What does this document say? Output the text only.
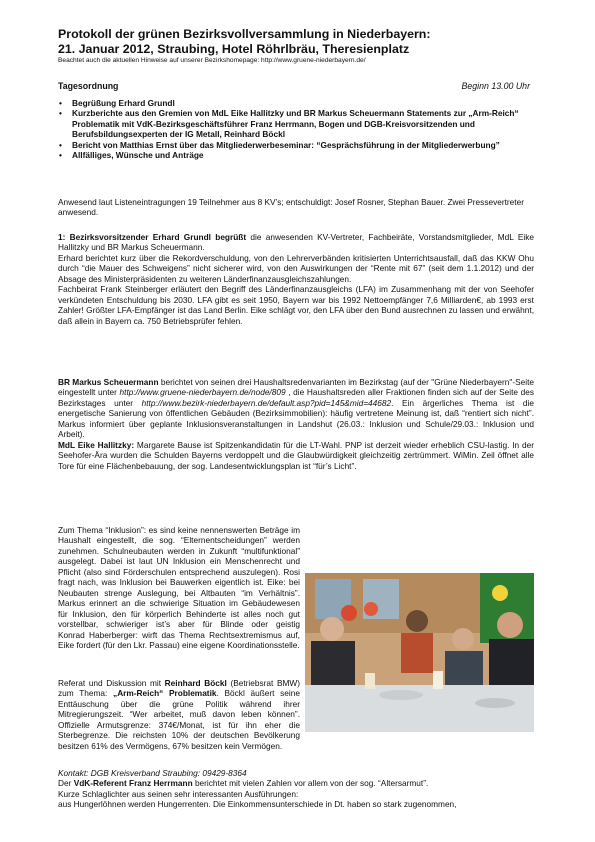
Protokoll der grünen Bezirksvollversammlung in Niederbayern:
21. Januar 2012, Straubing, Hotel Röhrlbräu, Theresienplatz
Beachtet auch die aktuellen Hinweise auf unserer Bezirkshomepage: http://www.gruene-niederbayern.de/
Tagesordnung	Beginn 13.00 Uhr
• Begrüßung Erhard Grundl
• Kurzberichte aus den Gremien von MdL Eike Hallitzky und BR Markus Scheuermann Statements zur „Arm-Reich“ Problematik mit VdK-Bezirksgeschäftsführer Franz Herrmann, Bogen und DGB-Kreisvorsitzenden und Berufsbildungsexperten der IG Metall, Reinhard Böckl
• Bericht von Matthias Ernst über das Mitgliederwerbeseminar: “Gesprächsführung in der Mitgliederwerbung”
• Allfälliges, Wünsche und Anträge

Anwesend laut Listeneintragungen 19 Teilnehmer aus 8 KV’s; entschuldigt: Josef Rosner, Stephan Bauer. Zwei Pressevertreter anwesend.

1: Bezirksvorsitzender Erhard Grundl begrüßt die anwesenden KV-Vertreter, Fachbeiräte, Vorstandsmitglieder, MdL Eike Hallitzky und BR Markus Scheuermann.
Erhard berichtet kurz über die Rekordverschuldung, von den Lehrerverbänden kritisierten Unterrichtsausfall, daß das KKW Ohu durch “die Mauer des Schweigens” nicht sicherer wird, von den Auswirkungen der “Rente mit 67” (seit dem 1.1.2012) und der Absage des Ministerpräsidenten zu weiteren Länderfinanzausgleichszahlungen.
Fachbeirat Frank Steinberger erläutert den Begriff des Länderfinanzausgleichs (LFA) im Zusammenhang mit der von Seehofer verkündeten Entschuldung bis 2030. LFA gibt es seit 1950, Bayern war bis 1992 Nettoempfänger 7,6 Milliarden€, ab 1993 erst Zahler! Größter LFA-Empfänger ist das Land Berlin. Eike schlägt vor, den LFA über den Bund ausrechnen zu lassen und erwähnt, daß allein in Bayern ca. 750 Betriebsprüfer fehlen.
BR Markus Scheuermann berichtet von seinen drei Haushaltsredenvarianten im Bezirkstag (auf der "Grüne Niederbayern"-Seite eingestellt unter http://www.gruene-niederbayern.de/node/809 , die Haushaltsreden aller Fraktionen finden sich auf der Seite des Bezirkstages unter http://www.bezirk-niederbayern.de/default.asp?pid=145&mid=44682. Ein ärgerliches Thema ist die energetische Sanierung von öffentlichen Gebäuden (Bezirksimmobilien): häufig vertretene Meinung ist, daß “rentiert sich nicht”. Markus informiert über geplante Inklusionsveranstaltungen in Landshut (26.03.: Inklusion und Schule/29.03.: Inklusion und Arbeit).
MdL Eike Hallitzky: Margarete Bause ist Spitzenkandidatin für die LT-Wahl. PNP ist derzeit wieder erheblich CSU-lastig. In der Seehofer-Ära wurden die Schulden Bayerns verdoppelt und die Glaubwürdigkeit gleichzeitig zertrümmert. WiMin. Zeil öffnet alle Tore für eine Flächenbebauung, der sog. Landesentwicklungsplan ist “für’s Licht”.
Zum Thema “Inklusion”: es sind keine nennenswerten Beträge im Haushalt eingestellt, die sog. “Elternentscheidungen” werden zunehmen. Schulneubauten werden in Zukunft “multifunktional” ausgelegt. Dabei ist laut UN Inklusion ein Menschenrecht und Pflicht (also sind Förderschulen entsprechend auszulegen). Rosi fragt nach, was Inklusion bei Bauwerken eigentlich ist. Eike: bei Neubauten strenge Auslegung, bei Altbauten “im Verhältnis”. Markus erinnert an die schwierige Situation im Gebäudewesen für Inklusion, den für körperlich Behinderte ist alles noch gut vorstellbar, schwieriger ist’s aber für Blinde oder geistig
Konrad Haberberger: wirft das Thema Rechtsextremismus auf, Eike fordert (für den Lkr. Passau) eine eigene Koordinationsstelle.
Referat und Diskussion mit Reinhard Böckl (Betriebsrat BMW) zum Thema: „Arm-Reich“ Problematik. Böckl äußert seine Enttäuschung über die grüne Politik während ihrer Mitregierungszeit. “Wer arbeitet, muß davon leben können”. Offizielle Armutsgrenze: 374€/Monat, ist für ihn eher die Sterbegrenze. Die reichsten 10% der deutschen Bevölkerung besitzen 61% des Vermögens, 67% besitzen kein Vermögen.
Kontakt: DGB Kreisverband Straubing: 09429-8364
Der VdK-Referent Franz Herrmann berichtet mit vielen Zahlen vor allem von der sog. “Altersarmut”.
Kurze Schlaglichter aus seinen sehr interessanten Ausführungen:
aus Hungerlöhnen werden Hungerrenten. Die Einkommensunterschiede in Dt. haben so stark zugenommen,
